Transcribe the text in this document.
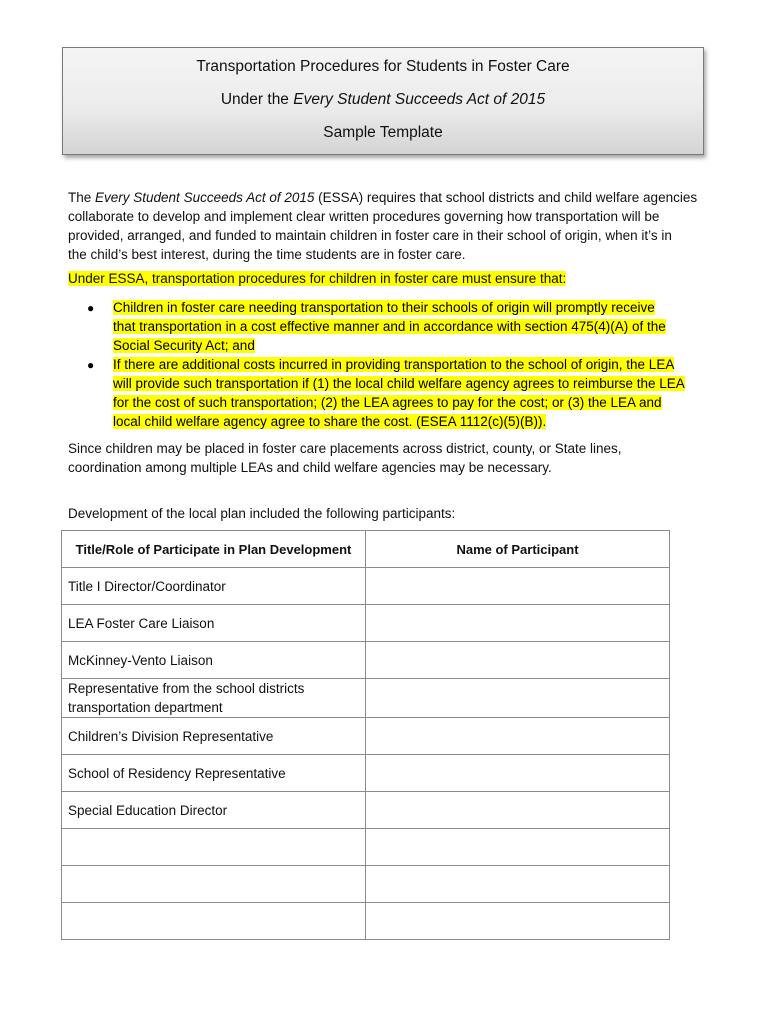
Transportation Procedures for Students in Foster Care
Under the Every Student Succeeds Act of 2015
Sample Template
The Every Student Succeeds Act of 2015 (ESSA) requires that school districts and child welfare agencies
collaborate to develop and implement clear written procedures governing how transportation will be
provided, arranged, and funded to maintain children in foster care in their school of origin, when it’s in
the child’s best interest, during the time students are in foster care.
Under ESSA, transportation procedures for children in foster care must ensure that:
● Children in foster care needing transportation to their schools of origin will promptly receive
that transportation in a cost effective manner and in accordance with section 475(4)(A) of the
Social Security Act; and
● If there are additional costs incurred in providing transportation to the school of origin, the LEA
will provide such transportation if (1) the local child welfare agency agrees to reimburse the LEA
for the cost of such transportation; (2) the LEA agrees to pay for the cost; or (3) the LEA and
local child welfare agency agree to share the cost. (ESEA 1112(c)(5)(B)).
Since children may be placed in foster care placements across district, county, or State lines,
coordination among multiple LEAs and child welfare agencies may be necessary.
Development of the local plan included the following participants:
Title/Role of Participate in Plan Development	Name of Participant
Title I Director/Coordinator	
LEA Foster Care Liaison	
McKinney-Vento Liaison	

Representative from the school districts
transportation department	

Children’s Division Representative	
School of Residency Representative	
Special Education Director	
